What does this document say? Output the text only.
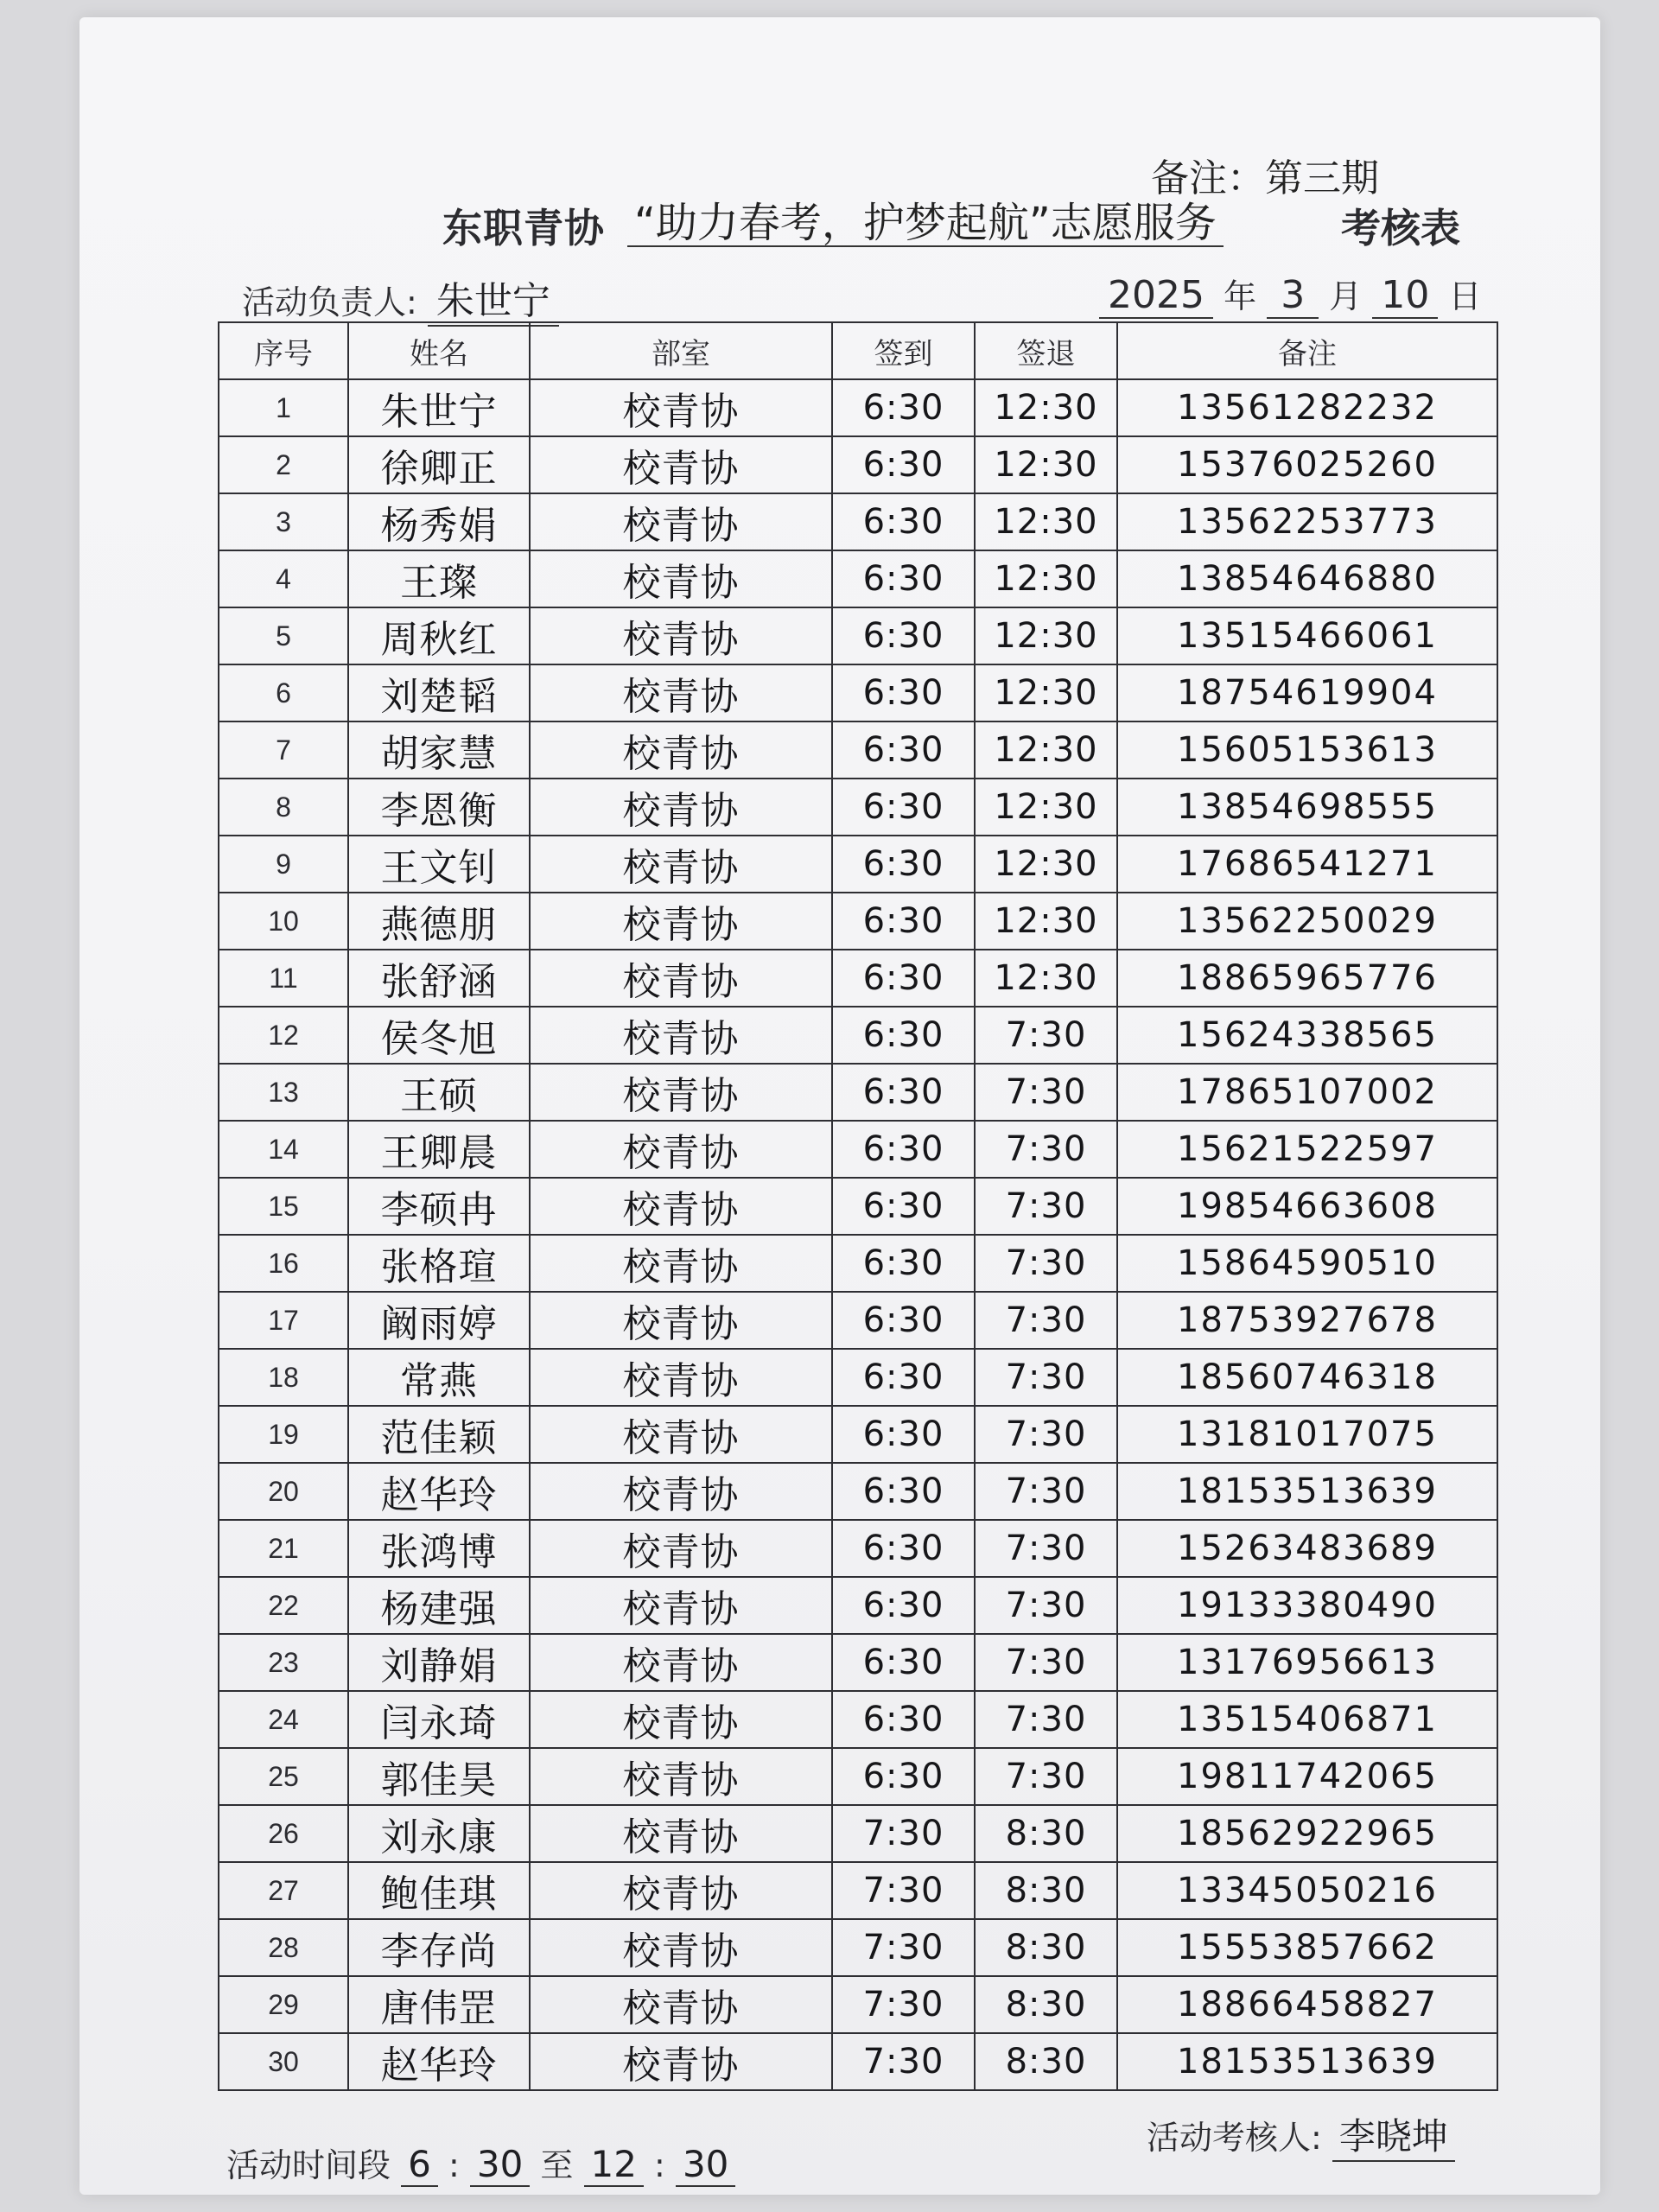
东职青协 “助力春考，护梦起航”志愿服务	考核表
备注：第三期
活动负责人: 朱世宁	2025 年 3 月 10 日
序号	姓名	部室	签到	签退	备注
1	朱世宁	校青协	6:30	12:30	13561282232
2	徐卿正	校青协	6:30	12:30	15376025260
3	杨秀娟	校青协	6:30	12:30	13562253773
4	王璨	校青协	6:30	12:30	13854646880
5	周秋红	校青协	6:30	12:30	13515466061
6	刘楚韬	校青协	6:30	12:30	18754619904
7	胡家慧	校青协	6:30	12:30	15605153613
8	李恩衡	校青协	6:30	12:30	13854698555
9	王文钊	校青协	6:30	12:30	17686541271
10	燕德朋	校青协	6:30	12:30	13562250029
11	张舒涵	校青协	6:30	12:30	18865965776
12	侯冬旭	校青协	6:30	7:30	15624338565
13	王硕	校青协	6:30	7:30	17865107002
14	王卿晨	校青协	6:30	7:30	15621522597
15	李硕冉	校青协	6:30	7:30	19854663608
16	张格瑄	校青协	6:30	7:30	15864590510
17	阚雨婷	校青协	6:30	7:30	18753927678
18	常燕	校青协	6:30	7:30	18560746318
19	范佳颖	校青协	6:30	7:30	13181017075
20	赵华玲	校青协	6:30	7:30	18153513639
21	张鸿博	校青协	6:30	7:30	15263483689
22	杨建强	校青协	6:30	7:30	19133380490
23	刘静娟	校青协	6:30	7:30	13176956613
24	闫永琦	校青协	6:30	7:30	13515406871
25	郭佳昊	校青协	6:30	7:30	19811742065
26	刘永康	校青协	7:30	8:30	18562922965
27	鲍佳琪	校青协	7:30	8:30	13345050216
28	李存尚	校青协	7:30	8:30	15553857662
29	唐伟罡	校青协	7:30	8:30	18866458827
30	赵华玲	校青协	7:30	8:30	18153513639
活动时间段 6 : 30 至 12 : 30
活动考核人: 李晓坤
